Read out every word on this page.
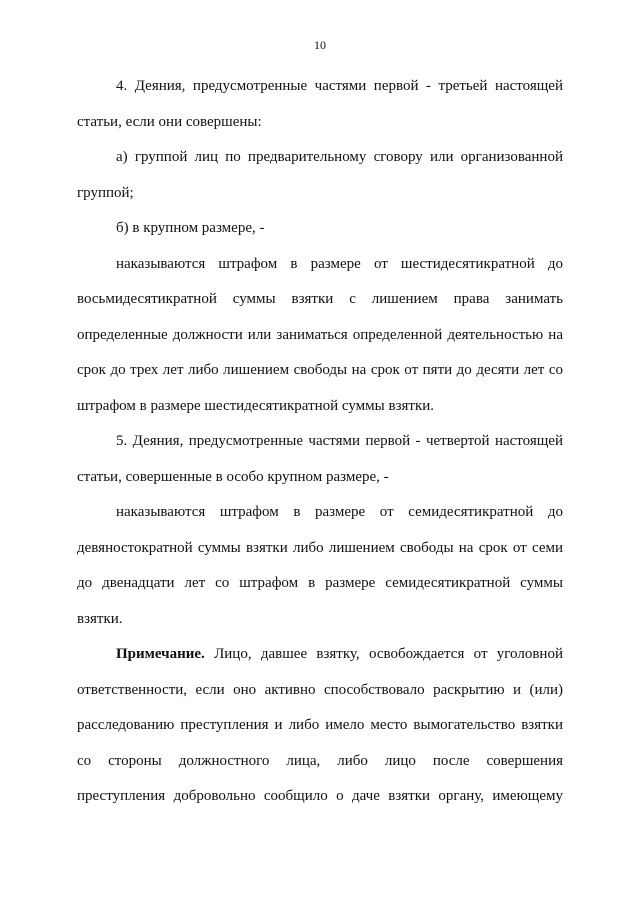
10
4. Деяния, предусмотренные частями первой - третьей настоящей
статьи, если они совершены:
а) группой лиц по предварительному сговору или организованной
группой;
б) в крупном размере, -
наказываются штрафом в размере от шестидесятикратной до
восьмидесятикратной суммы взятки с лишением права занимать
определенные должности или заниматься определенной деятельностью на
срок до трех лет либо лишением свободы на срок от пяти до десяти лет со
штрафом в размере шестидесятикратной суммы взятки.
5. Деяния, предусмотренные частями первой - четвертой настоящей
статьи, совершенные в особо крупном размере, -
наказываются штрафом в размере от семидесятикратной до
девяностократной суммы взятки либо лишением свободы на срок от семи
до двенадцати лет со штрафом в размере семидесятикратной суммы
взятки.
Примечание. Лицо, давшее взятку, освобождается от уголовной
ответственности, если оно активно способствовало раскрытию и (или)
расследованию преступления и либо имело место вымогательство взятки
со стороны должностного лица, либо лицо после совершения
преступления добровольно сообщило о даче взятки органу, имеющему
